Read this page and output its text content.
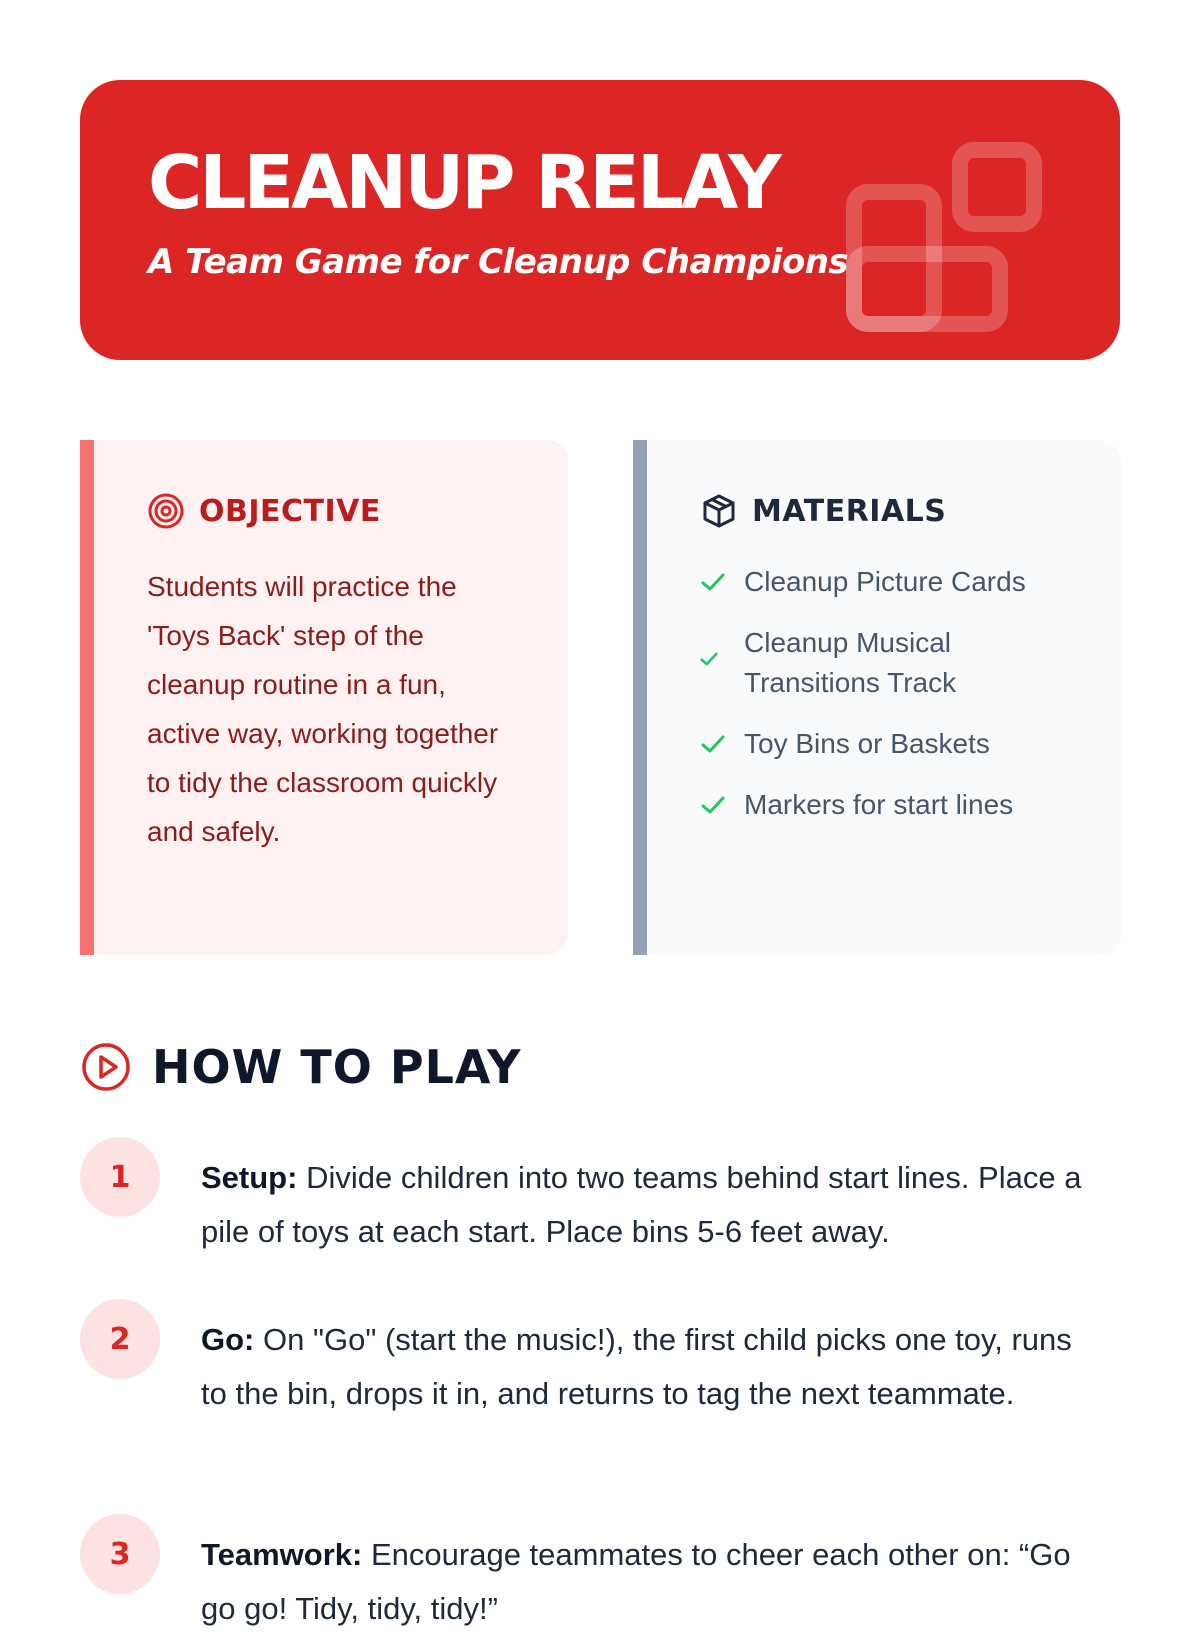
CLEANUP RELAY
A Team Game for Cleanup Champions
OBJECTIVE

Students will practice the 'Toys Back' step of the cleanup routine in a fun, active way, working together to tidy the classroom quickly and safely.

MATERIALS
Cleanup Picture Cards
Cleanup Musical Transitions Track
Toy Bins or Baskets
Markers for start lines
HOW TO PLAY
1	Setup: Divide children into two teams behind start lines. Place a pile of toys at each start. Place bins 5-6 feet away.

2	Go: On "Go" (start the music!), the first child picks one toy, runs to the bin, drops it in, and returns to tag the next teammate.

3	Teamwork: Encourage teammates to cheer each other on: “Go go go! Tidy, tidy, tidy!”
